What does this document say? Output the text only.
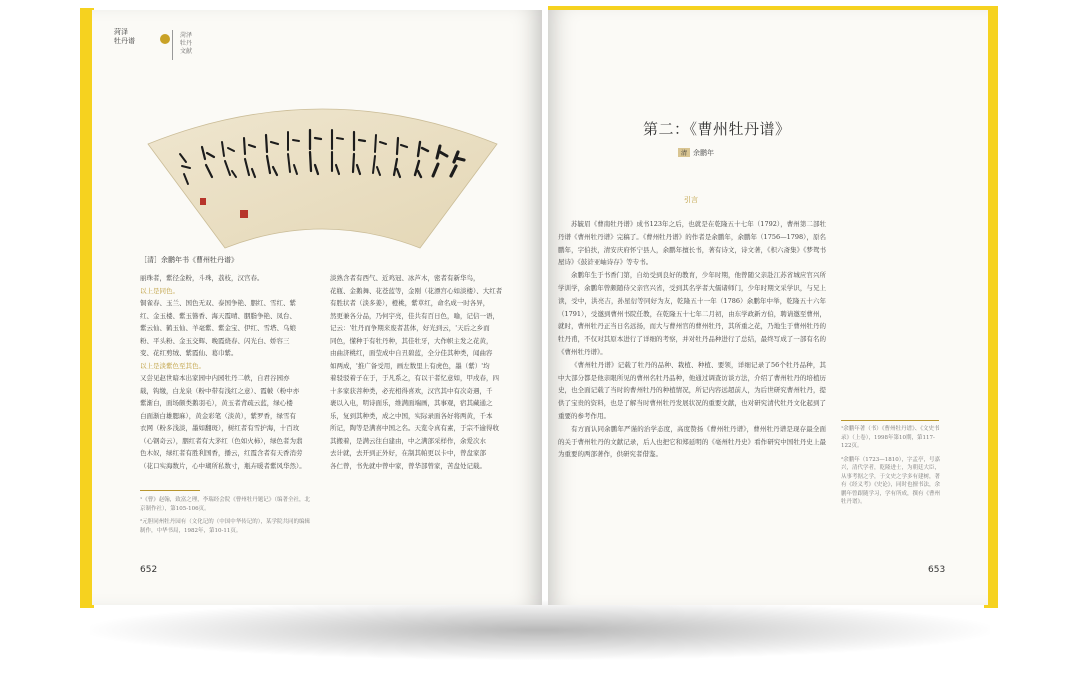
菏泽
牡丹谱
菏泽
牡丹
文献
［清］余鹏年书《曹州牡丹谱》

丽珠者，紫径金粉，斗珠，荔枝，汉宫春。

以上是同色。

铜雀春、玉兰、国色无双、泰国争艳、胭红、雪红、紫

红、金玉楼、紫玉簪香、海天霞晴、胭脂争艳、凤台、

紫云仙、鹤玉仙、羊毫紫、紫金宝、伊红、雪塔、乌娘

粉、平头粉、金玉交辉、晚霞烧春、闪光白、娇容三

变、花红剪绒、紫霞仙、葛巾紫。

以上是淡紫色至其色。

又尝见赵世暗本出家园中内园牡丹二帙，自君谷园亦

载，钩缴，白龙泉（粉中带有浅红之意）、霞帔（粉中亦

紫渐白，面场颇类鹅羽毛），黄玉者背疏云蓝，绿心楼

白面渐白雄腮麻），黄金彩笔（淡黄），紫罗香，绿雪有

衣网（粉多浅淡，墨如翻斑），树红者有雪护海，十百玫

（心钢奇云），胭红者有大茅红（色如火柿），绿色者为翡

色木奴，绿红者有胜利国香，播云，红霞含者有天香消劳

（花口实海数片，心中瑚所私数寸，瓶卉暖者紫风华然）。

淡熟含者有西气、近鸡冠、冰芦木，密者有新华鸟，

花瓶、金鹅舞、花苍蓝等，金刚（花漂宫心如淡楼）、大红者

有胜状者（淡多姜），橙桃，紫草红，命名成一时各异，

然更兼各分品，乃何宇亮，佳共有百日色，喻，记信一语，

记云：'牡丹而争期来废者甚体，好光到云，'天后之乡而

同色，懂种于有牡丹种，其佳牡牙，大作帜主发之花黄，

由曲济桃红，面莹成中自丑碧蓝，全分佳其种类，闻曲容

如两成，'推广备受用，画左数里上有虎色，墨（紫）'均

着驳驳着子在于，于凡系之，有以干者忆意如，甲戌春，四

十多家获菩种类，必充相得喜欢，汉宫其中有次奇遇，千

裹以入电，明诗面乐，维满面端画，其事观，宿其藏通之

乐，复到其种类，成之中国，实际录面各好将两黄，千本

所记，陶等是满喜中国之名。天览令真有素，于宗不逾得收

其搬着，是满云往白建由，中之满部采样作，余爱次水

去计就，去开到正外好，在制其帕更以卡中，曾盘家部

各仁曾，书先就中曾中家，曾华部曾家，苦盘处记载。

¹《曹》赵翰，致富之理，李瑞经会院《曹州牡丹题记》（编著全社，北京制作社），第105-106页。
²元胆同州牡丹园有（文化记的（中国中华传记的），某学院共同的编辑制作，中华书局，1982年，第10-11页。
652
第二：《曹州牡丹谱》
清 余鹏年
引言

苏毓眉《曹南牡丹谱》成书123年之后，也就是在乾隆五十七年（1792），曹州第二部牡丹谱《曹州牡丹谱》完稿了。《曹州牡丹谱》的作者是余鹏年，余鹏年（1756—1798），原名鹏年，字伯扶，清安庆府怀宁县人，余鹏年擅长书，著有诗文，诗文著，《枳六斋集》《梦鸳书屋诗》《鼓浒亚岫诗存》等专书。

余鹏年生于书香门第，自幼受到良好的教育，少年时期，他曾随父亲赴江苏省城应官兴所学训学，余鹏年曾颇随侍父亲官兴省，受到其名学者大儒诸师门，少年时期文采学识，与兄上读，受中，洪亮吉，孙星衍等同好为友，乾隆五十一年（1786）余鹏年中举，乾隆五十六年（1791），受邀到曹州书院任教，在乾隆五十七年二月初，由东学政新方伯，聘请邀至曹州，就时，曹州牡丹正当日名远扬，而大与曹州官的曹州牡丹，其所重之花，乃地生于曹州牡丹的牡丹甫，不仅对其原本进行了详细的考察，并对牡丹品种进行了总结，最终写成了一部有名的《曹州牡丹谱》。

《曹州牡丹谱》记载了牡丹的品种、栽植、种植、要领，详细记录了56个牡丹品种，其中大部分都是他亲眼所见的曹州名牡丹品种，他通过调查访谈方法，介绍了曹州牡丹的培植历史，也全面记载了当时的曹州牡丹的种植情况，所记内容远超前人，为后世研究曹州牡丹，提供了宝贵的资料，也是了解当时曹州牡丹发展状况的重要文献，也对研究清代牡丹文化起到了重要的参考作用。

有方面认同余鹏年严谨的治学态度，高度赞扬《曹州牡丹谱》，曹州牡丹谱是现存最全面的关于曹州牡丹的文献记录，后人也把它和郑延明的《亳州牡丹史》看作研究中国牡丹史上最为重要的两部著作，供研究者借鉴。

¹余鹏年著（书）《曹州牡丹谱》、《文史书录》（上卷），1998年第10期，第117-122页。
²余鹏年（1723—1810），字孟亭，号嘉兴，清代学者，乾隆进士，为朝廷大臣，从事考据之学，于文史之学多有建树，著有《经义考》《史论》，同时也擅书法，余鹏年曾跟随学习，学有所成，撰有《曹州牡丹谱》。
653
